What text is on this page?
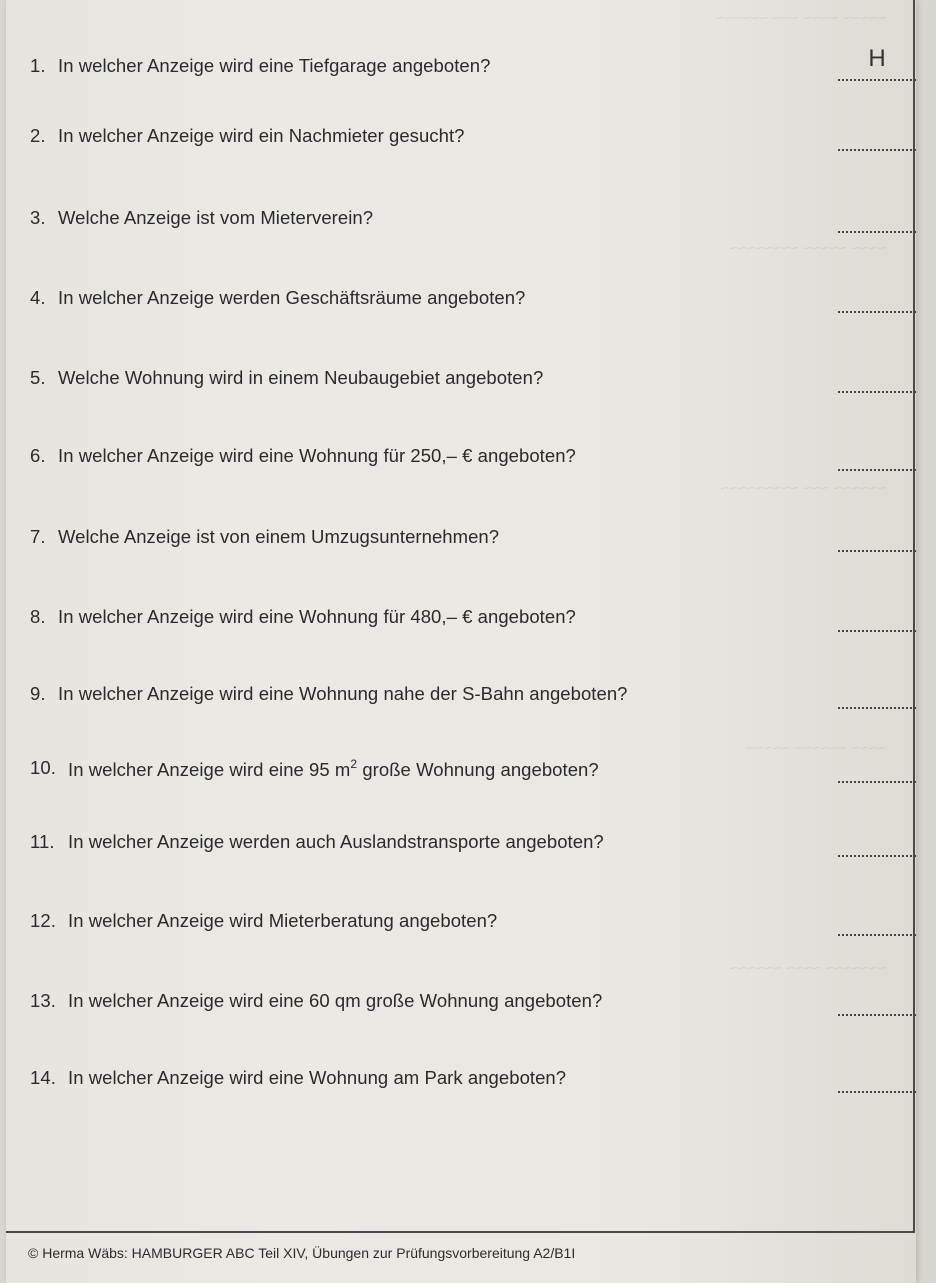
~~~~~ ~~~~ ~~~ ~~~~~~
~~~~ ~~~~~ ~~~~~~~~
~~~~~~ ~~~ ~~~~~~~~~
~~~~ ~~~~~~ ~~~~~
~~~~~~~ ~~~~ ~~~~~~
1. In welcher Anzeige wird eine Tiefgarage angeboten?	H
2. In welcher Anzeige wird ein Nachmieter gesucht?
3. Welche Anzeige ist vom Mieterverein?
4. In welcher Anzeige werden Geschäftsräume angeboten?
5. Welche Wohnung wird in einem Neubaugebiet angeboten?
6. In welcher Anzeige wird eine Wohnung für 250,– € angeboten?
7. Welche Anzeige ist von einem Umzugsunternehmen?
8. In welcher Anzeige wird eine Wohnung für 480,– € angeboten?
9. In welcher Anzeige wird eine Wohnung nahe der S-Bahn angeboten?
10. In welcher Anzeige wird eine 95 $m^2$ große Wohnung angeboten?
11. In welcher Anzeige werden auch Auslandstransporte angeboten?
12. In welcher Anzeige wird Mieterberatung angeboten?
13. In welcher Anzeige wird eine 60 qm große Wohnung angeboten?
14. In welcher Anzeige wird eine Wohnung am Park angeboten?
© Herma Wäbs: HAMBURGER ABC Teil XIV, Übungen zur Prüfungsvorbereitung A2/B1I
